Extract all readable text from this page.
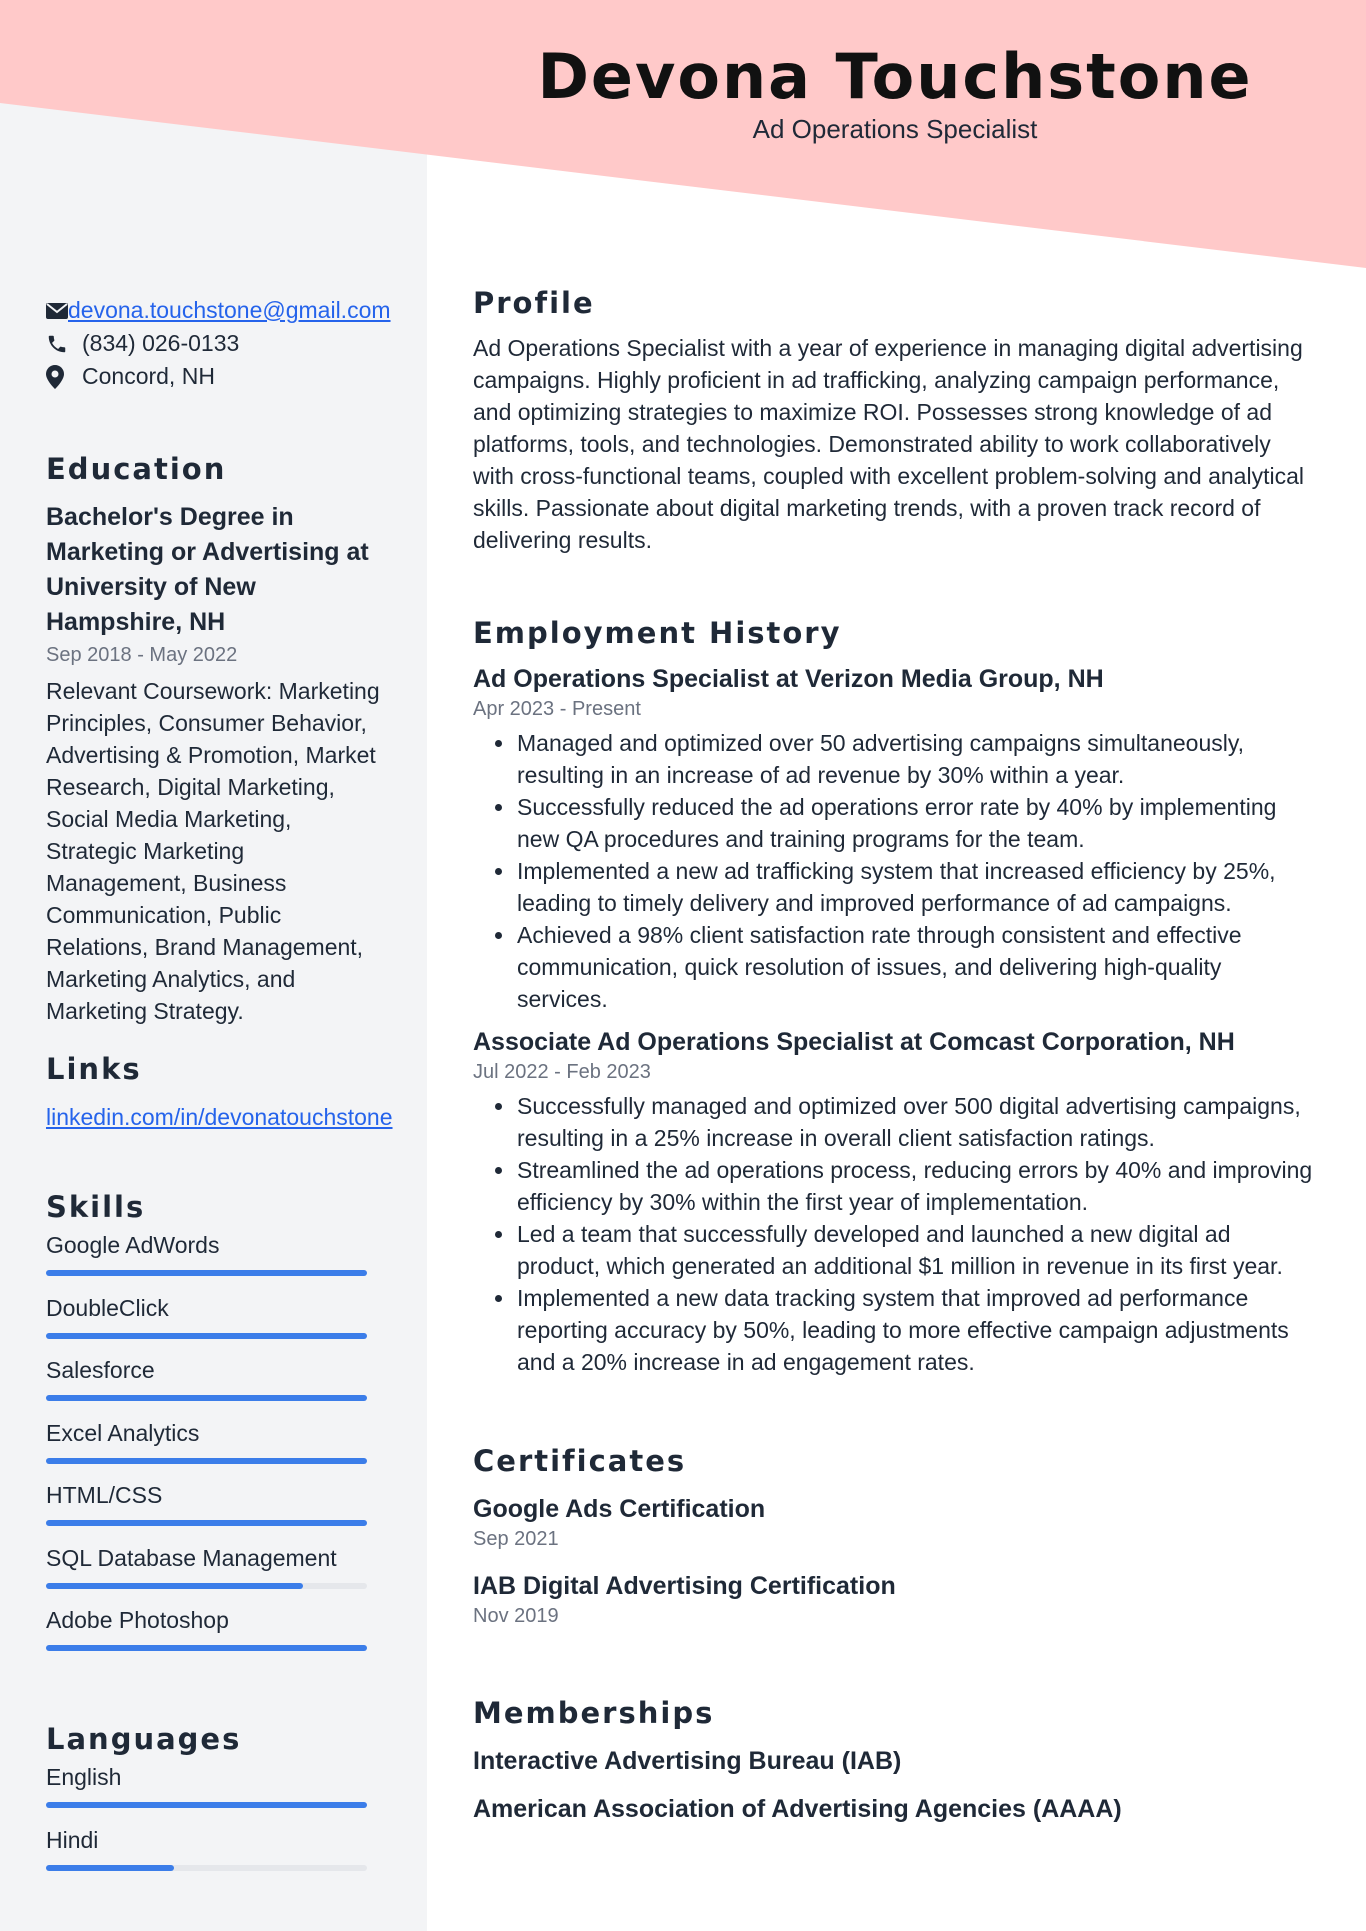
Devona Touchstone
Ad Operations Specialist
devona.touchstone@gmail.com
(834) 026-0133
Concord, NH
Education
Bachelor's Degree in Marketing or Advertising at University of New Hampshire, NH
Sep 2018 - May 2022
Relevant Coursework: Marketing Principles, Consumer Behavior, Advertising & Promotion, Market Research, Digital Marketing, Social Media Marketing, Strategic Marketing Management, Business Communication, Public Relations, Brand Management, Marketing Analytics, and Marketing Strategy.
Links
linkedin.com/in/devonatouchstone
Skills
Google AdWords
DoubleClick
Salesforce
Excel Analytics
HTML/CSS
SQL Database Management
Adobe Photoshop
Languages
English
Hindi
Profile

Ad Operations Specialist with a year of experience in managing digital advertising campaigns. Highly proficient in ad trafficking, analyzing campaign performance, and optimizing strategies to maximize ROI. Possesses strong knowledge of ad platforms, tools, and technologies. Demonstrated ability to work collaboratively with cross-functional teams, coupled with excellent problem-solving and analytical skills. Passionate about digital marketing trends, with a proven track record of delivering results.

Employment History
Ad Operations Specialist at Verizon Media Group, NH
Apr 2023 - Present
Managed and optimized over 50 advertising campaigns simultaneously, resulting in an increase of ad revenue by 30% within a year.
Successfully reduced the ad operations error rate by 40% by implementing new QA procedures and training programs for the team.
Implemented a new ad trafficking system that increased efficiency by 25%, leading to timely delivery and improved performance of ad campaigns.
Achieved a 98% client satisfaction rate through consistent and effective communication, quick resolution of issues, and delivering high-quality services.
Associate Ad Operations Specialist at Comcast Corporation, NH
Jul 2022 - Feb 2023
Successfully managed and optimized over 500 digital advertising campaigns, resulting in a 25% increase in overall client satisfaction ratings.
Streamlined the ad operations process, reducing errors by 40% and improving efficiency by 30% within the first year of implementation.
Led a team that successfully developed and launched a new digital ad product, which generated an additional $1 million in revenue in its first year.
Implemented a new data tracking system that improved ad performance reporting accuracy by 50%, leading to more effective campaign adjustments and a 20% increase in ad engagement rates.
Certificates
Google Ads Certification
Sep 2021
IAB Digital Advertising Certification
Nov 2019
Memberships
Interactive Advertising Bureau (IAB)
American Association of Advertising Agencies (AAAA)
